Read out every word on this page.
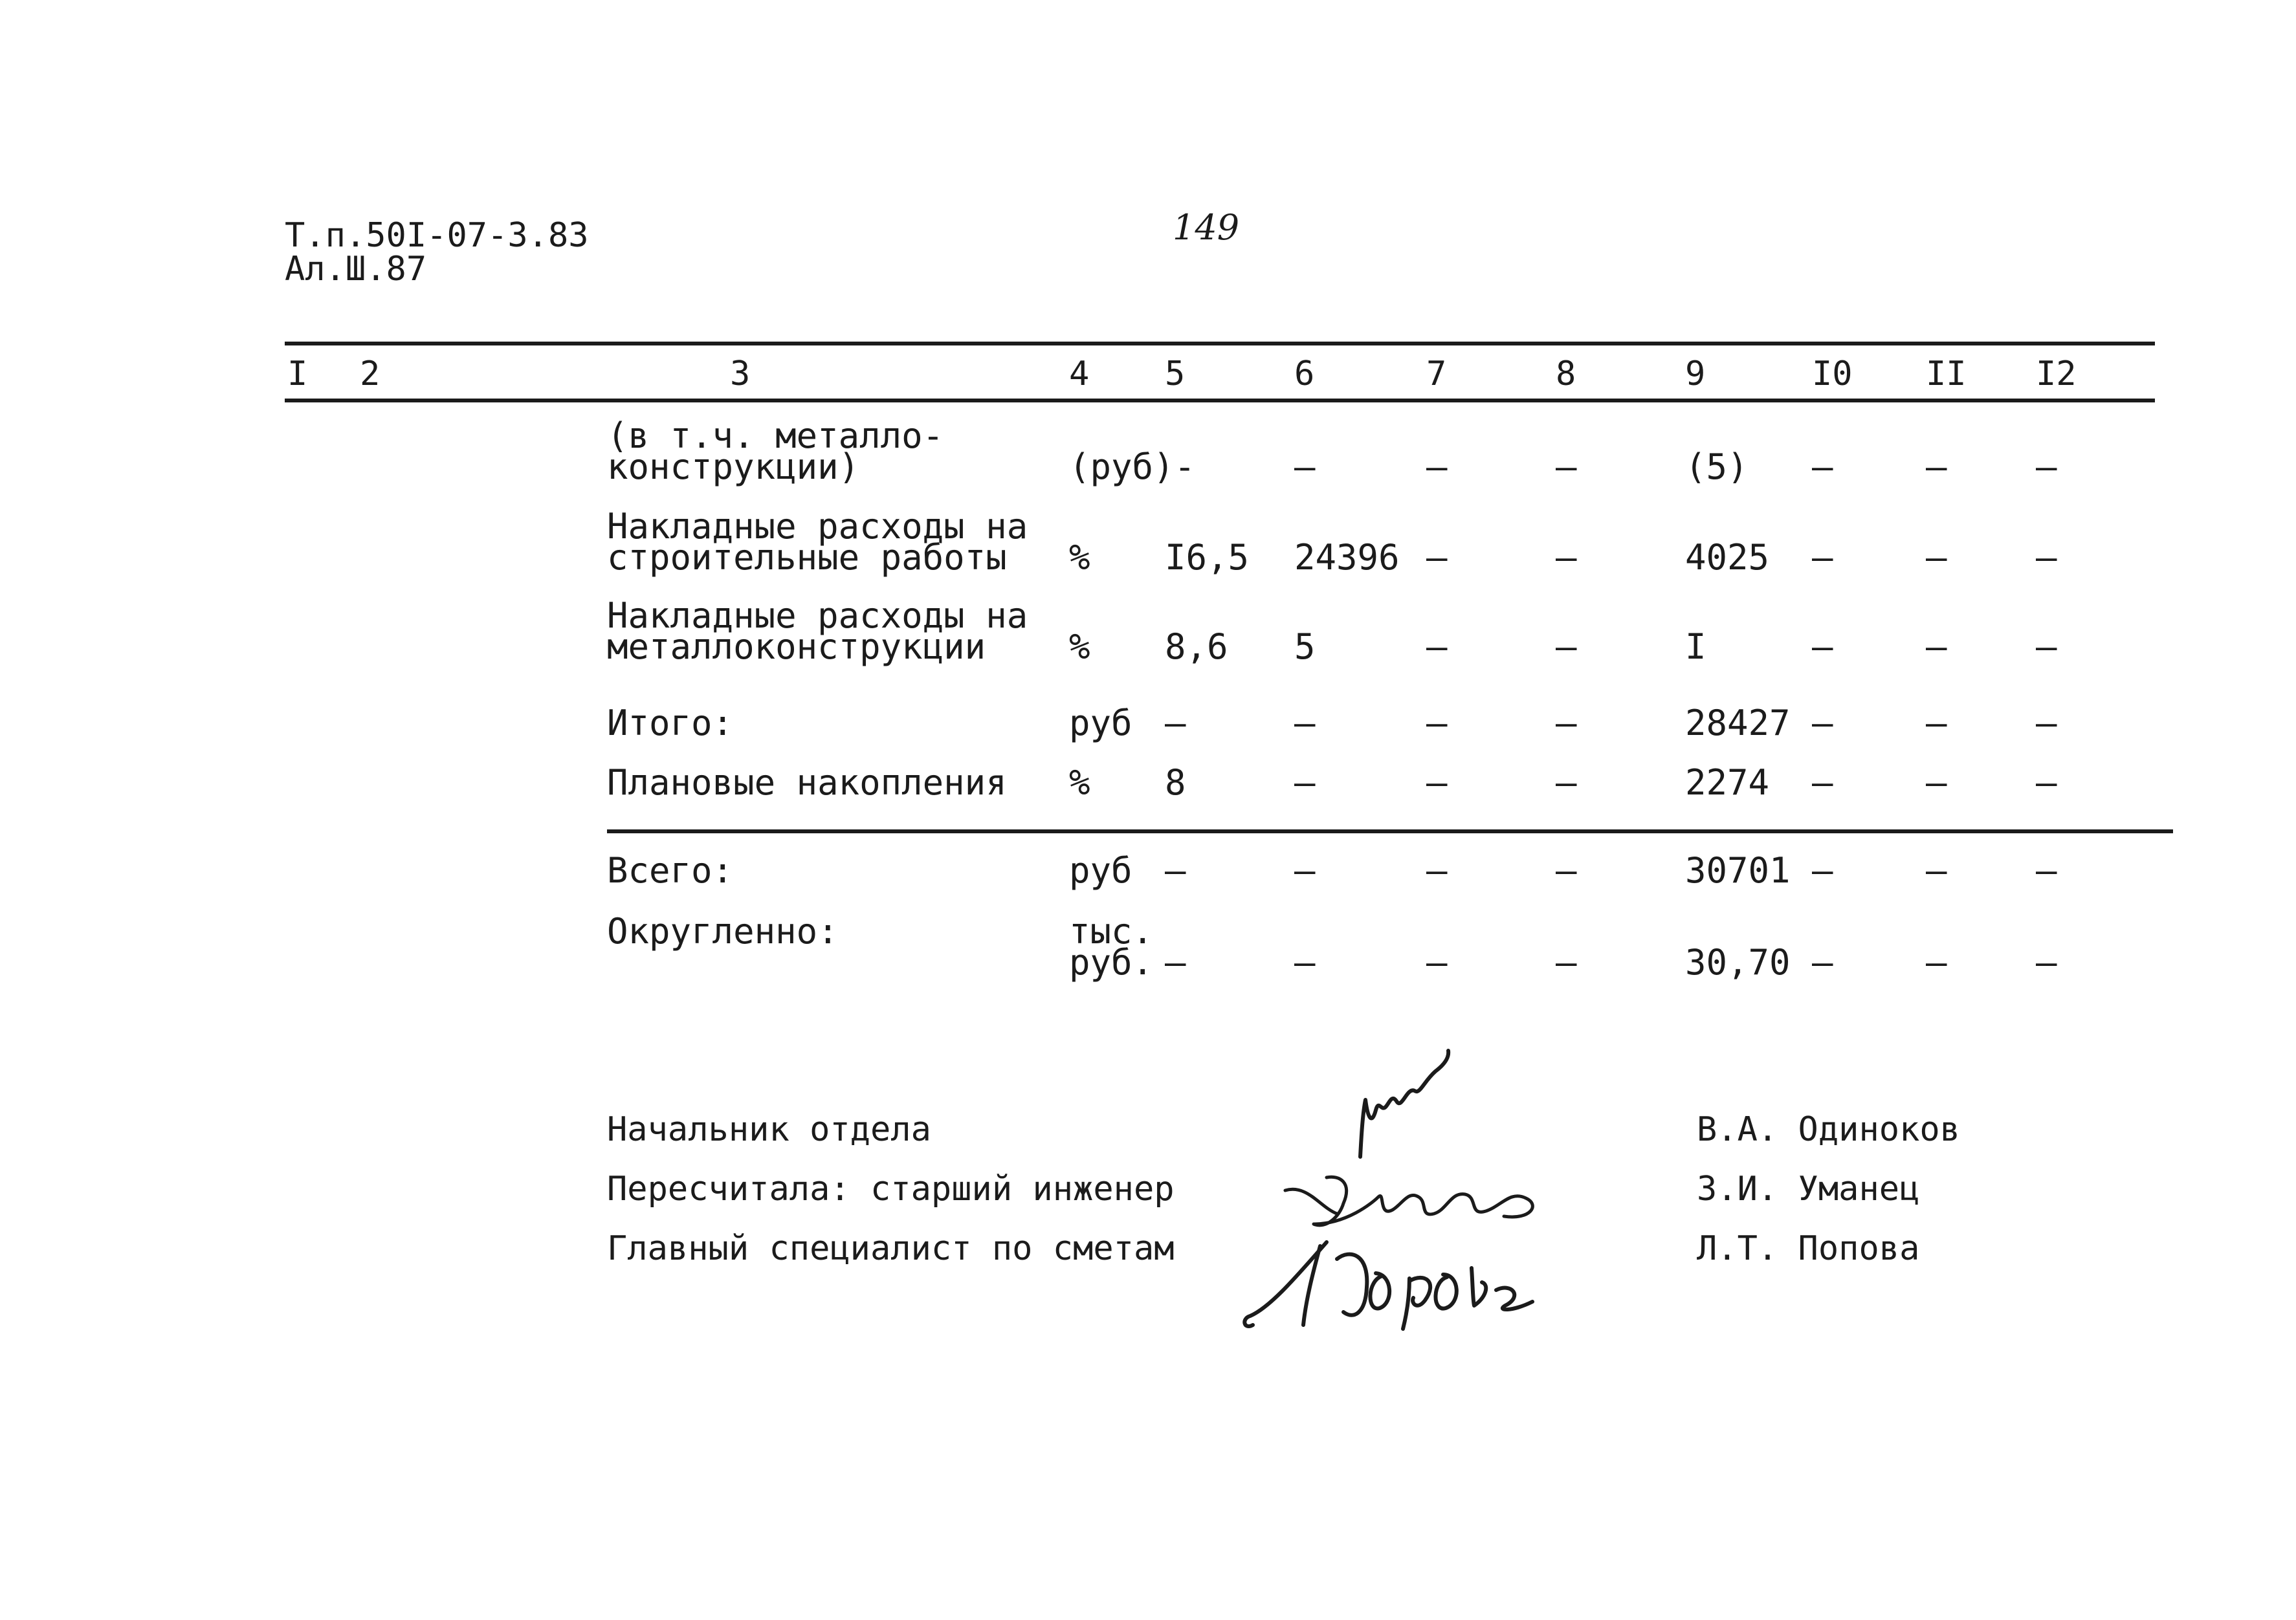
Т.п.50I-07-3.83
Ал.Ш.87
149
I 2	3	4 5	6	7	8	9	I0 II I2
(в т.ч. металло-
конструкции)	(руб)-	–	–	–	(5) –	–	–
Накладные расходы на
строительные работы % I6,5 24396 –	–	4025 –	–	–
Накладные расходы на
металлоконструкции % 8,6 5	–	–	I	–	–	–
Итого:	руб –	–	–	–	28427 –	–	–
Плановые накопления % 8	–	–	–	2274 –	–	–
Всего:	руб –	–	–	–	30701 –	–	–
Округленно:	тыс.
руб. –	–	–	–	30,70 –	–	–
Начальник отдела	В.А. Одиноков
Пересчитала: старший инженер	З.И. Уманец
Главный специалист по сметам	Л.Т. Попова
